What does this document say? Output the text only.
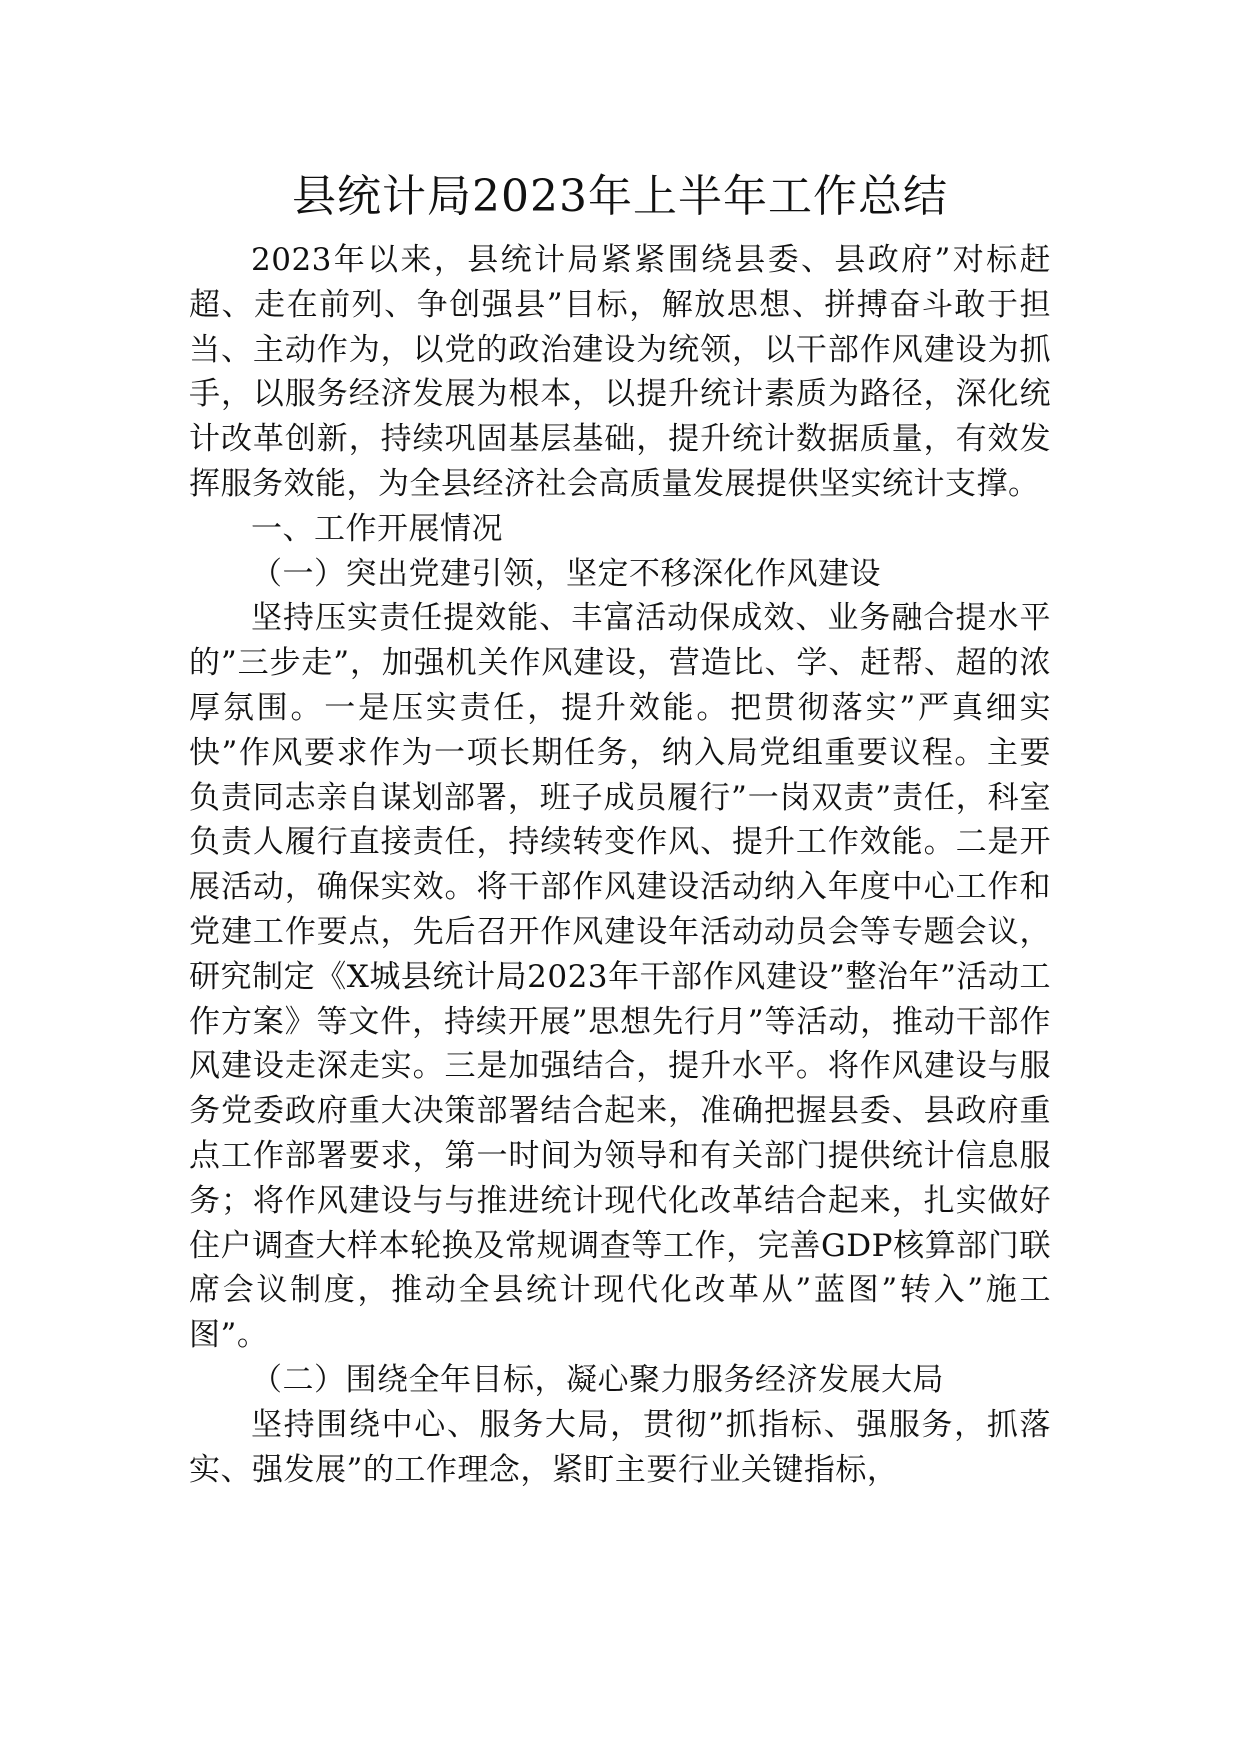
县统计局2023年上半年工作总结

2023年以来，县统计局紧紧围绕县委、县政府”对标赶超、走在前列、争创强县”目标，解放思想、拼搏奋斗敢于担当、主动作为，以党的政治建设为统领，以干部作风建设为抓手，以服务经济发展为根本，以提升统计素质为路径，深化统计改革创新，持续巩固基层基础，提升统计数据质量，有效发挥服务效能，为全县经济社会高质量发展提供坚实统计支撑。

一、工作开展情况

（一）突出党建引领，坚定不移深化作风建设

坚持压实责任提效能、丰富活动保成效、业务融合提水平的”三步走”，加强机关作风建设，营造比、学、赶帮、超的浓厚氛围。一是压实责任，提升效能。把贯彻落实”严真细实快”作风要求作为一项长期任务，纳入局党组重要议程。主要负责同志亲自谋划部署，班子成员履行”一岗双责”责任，科室负责人履行直接责任，持续转变作风、提升工作效能。二是开展活动，确保实效。将干部作风建设活动纳入年度中心工作和党建工作要点，先后召开作风建设年活动动员会等专题会议，研究制定《X城县统计局2023年干部作风建设”整治年”活动工作方案》等文件，持续开展”思想先行月”等活动，推动干部作风建设走深走实。三是加强结合，提升水平。将作风建设与服务党委政府重大决策部署结合起来，准确把握县委、县政府重点工作部署要求，第一时间为领导和有关部门提供统计信息服务；将作风建设与与推进统计现代化改革结合起来，扎实做好住户调查大样本轮换及常规调查等工作，完善GDP核算部门联席会议制度，推动全县统计现代化改革从”蓝图”转入”施工图”。

（二）围绕全年目标，凝心聚力服务经济发展大局

坚持围绕中心、服务大局，贯彻”抓指标、强服务，抓落实、强发展”的工作理念，紧盯主要行业关键指标，
